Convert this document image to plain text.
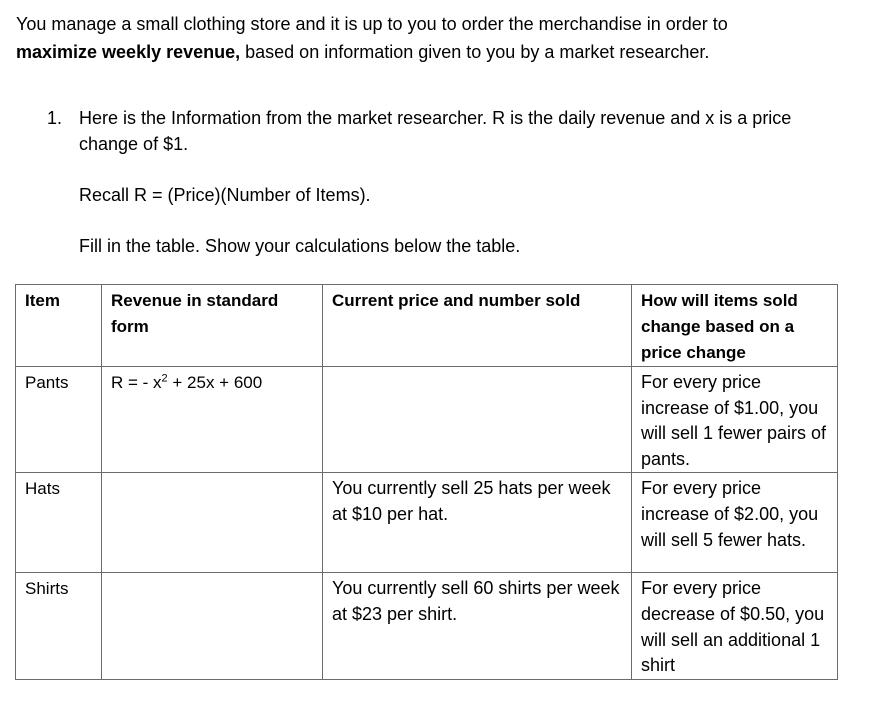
You manage a small clothing store and it is up to you to order the merchandise in order to
maximize weekly revenue, based on information given to you by a market researcher.
1. Here is the Information from the market researcher. R is the daily revenue and x is a price change of $1.
Recall R = (Price)(Number of Items).
Fill in the table. Show your calculations below the table.
Item	Revenue in standard form	Current price and number sold	How will items sold change based on a price change
Pants	R = - $x^2 + 25x + 600$		For every price increase of $1.00, you will sell 1 fewer pairs of pants.
Hats		You currently sell 25 hats per week at $10 per hat.	For every price increase of $2.00, you will sell 5 fewer hats.
Shirts		You currently sell 60 shirts per week at $23 per shirt.	For every price decrease of $0.50, you will sell an additional 1 shirt
